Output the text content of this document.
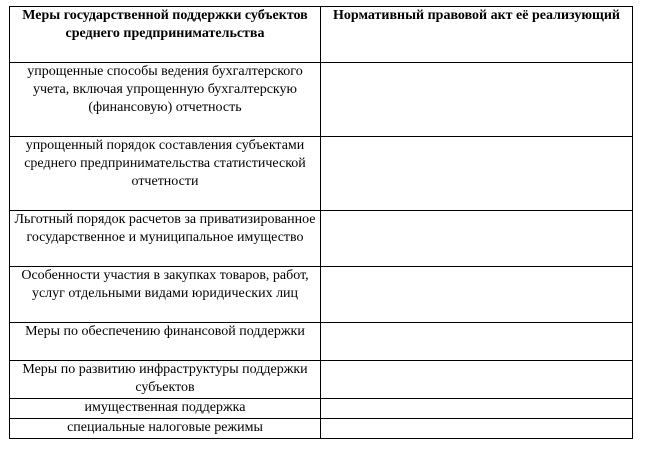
Меры государственной поддержки субъектов среднего предпринимательства	Нормативный правовой акт её реализующий
упрощенные способы ведения бухгалтерского учета, включая упрощенную бухгалтерскую (финансовую) отчетность	
упрощенный порядок составления субъектами среднего предпринимательства статистической отчетности	
Льготный порядок расчетов за приватизированное государственное и муниципальное имущество	
Особенности участия в закупках товаров, работ, услуг отдельными видами юридических лиц	
Меры по обеспечению финансовой поддержки	
Меры по развитию инфраструктуры поддержки субъектов	
имущественная поддержка	
специальные налоговые режимы	
